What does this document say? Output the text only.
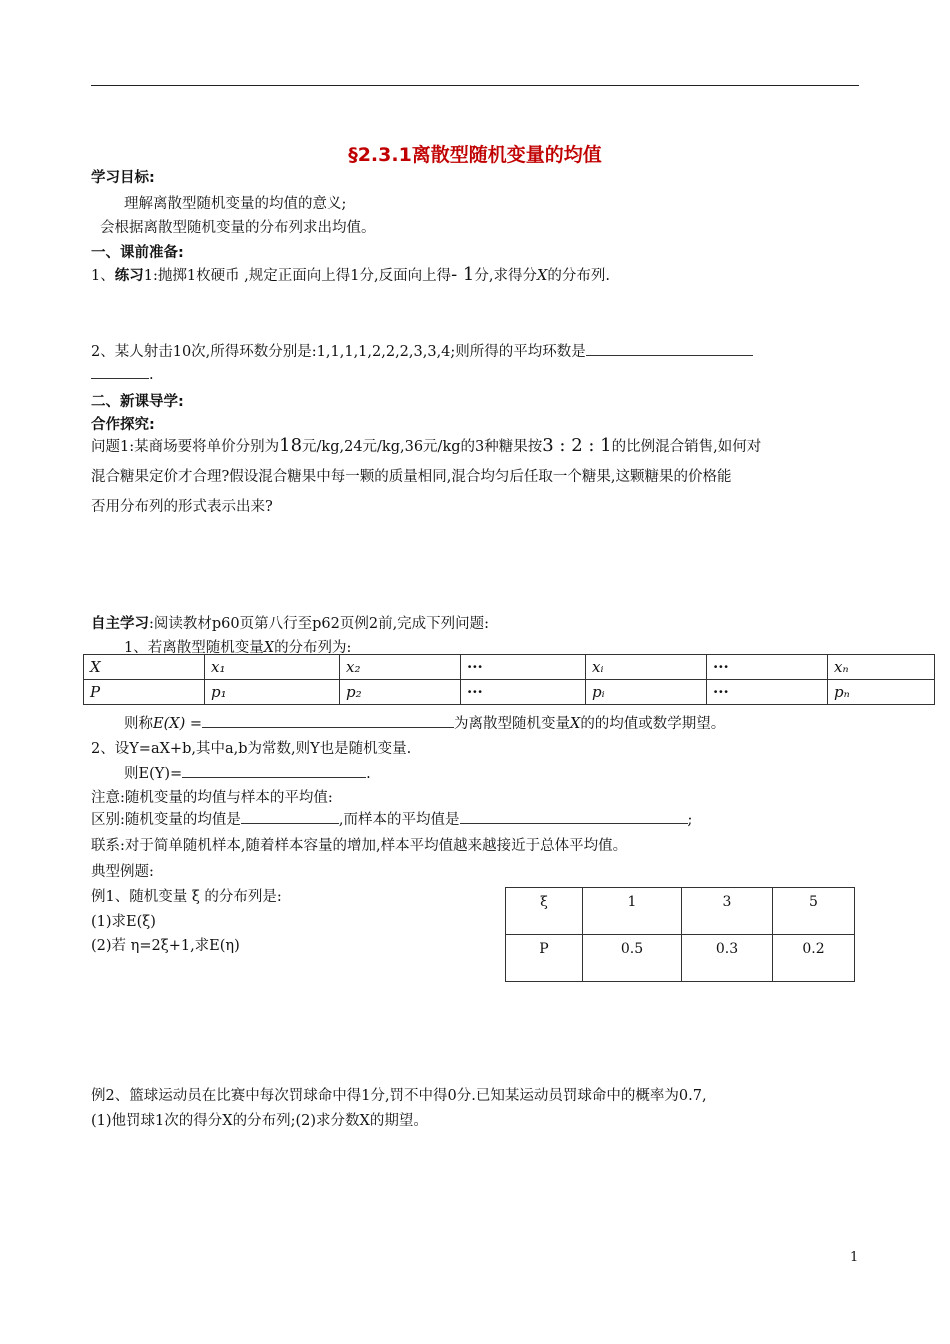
§2.3.1离散型随机变量的均值
学习目标:
理解离散型随机变量的均值的意义;
会根据离散型随机变量的分布列求出均值。
一、课前准备:
1、练习1:抛掷1枚硬币 ,规定正面向上得1分,反面向上得- 1分,求得分X的分布列.
2、某人射击10次,所得环数分别是:1,1,1,1,2,2,2,3,3,4;则所得的平均环数是
.
二、新课导学:
合作探究:
问题1:某商场要将单价分别为18元/kg,24元/kg,36元/kg的3种糖果按3 : 2 : 1的比例混合销售,如何对
混合糖果定价才合理?假设混合糖果中每一颗的质量相同,混合均匀后任取一个糖果,这颗糖果的价格能
否用分布列的形式表示出来?
自主学习:阅读教材p60页第八行至p62页例2前,完成下列问题:
1、若离散型随机变量X的分布列为:
X	x₁	x₂	···	xᵢ	···	xₙ
P	p₁	p₂	···	pᵢ	···	pₙ
则称E(X) =	为离散型随机变量X的的均值或数学期望。
2、设Y=aX+b,其中a,b为常数,则Y也是随机变量.
则E(Y)=	.
注意:随机变量的均值与样本的平均值:
区别:随机变量的均值是	,而样本的平均值是	;
联系:对于简单随机样本,随着样本容量的增加,样本平均值越来越接近于总体平均值。
典型例题:
例1、随机变量 ξ 的分布列是:
(1)求E(ξ)
(2)若 η=2ξ+1,求E(η)
ξ	1	3	5
P	0.5	0.3	0.2
例2、篮球运动员在比赛中每次罚球命中得1分,罚不中得0分.已知某运动员罚球命中的概率为0.7,
(1)他罚球1次的得分X的分布列;(2)求分数X的期望。
1
